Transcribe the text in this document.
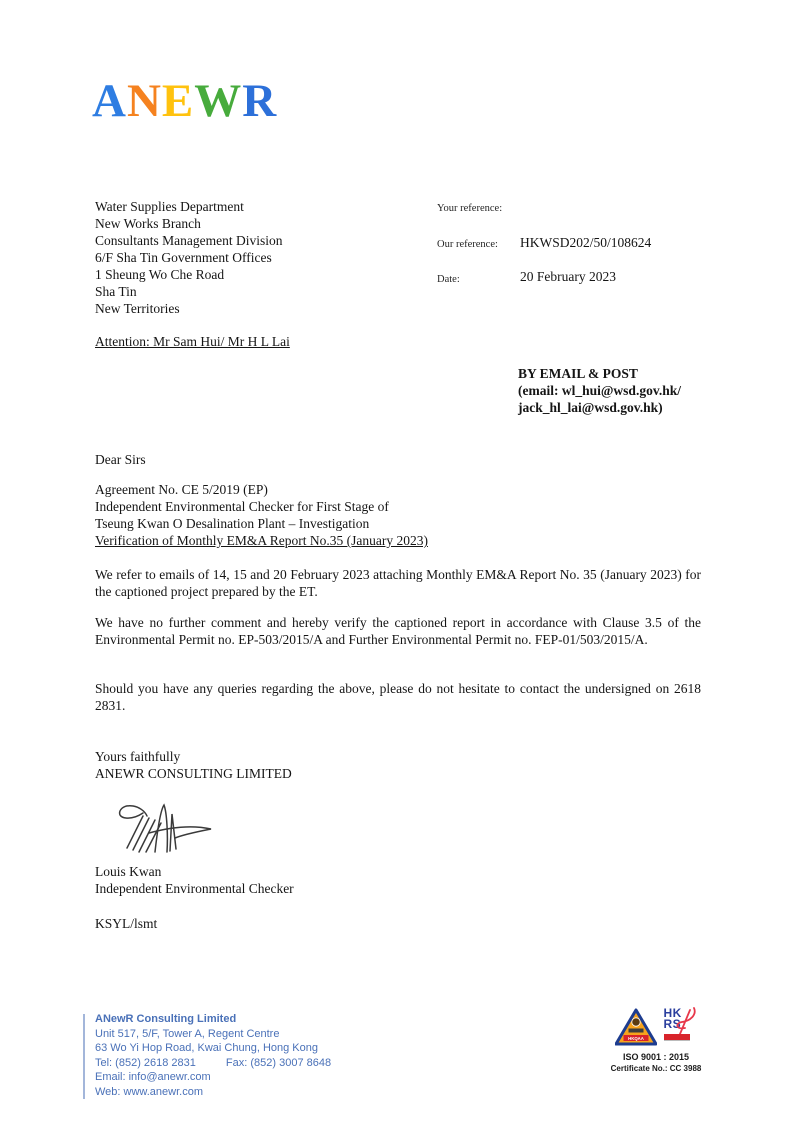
ANEWR
Water Supplies Department
New Works Branch
Consultants Management Division
6/F Sha Tin Government Offices
1 Sheung Wo Che Road
Sha Tin
New Territories
Attention: Mr Sam Hui/ Mr H L Lai
Your reference:
Our reference: HKWSD202/50/108624
Date:	20 February 2023
BY EMAIL & POST
(email: wl_hui@wsd.gov.hk/
jack_hl_lai@wsd.gov.hk)
Dear Sirs
Agreement No. CE 5/2019 (EP)
Independent Environmental Checker for First Stage of
Tseung Kwan O Desalination Plant – Investigation
Verification of Monthly EM&A Report No.35 (January 2023)
We refer to emails of 14, 15 and 20 February 2023 attaching Monthly EM&A Report No. 35 (January 2023) for the captioned project prepared by the ET.
We have no further comment and hereby verify the captioned report in accordance with Clause 3.5 of the Environmental Permit no. EP-503/2015/A and Further Environmental Permit no. FEP-01/503/2015/A.
Should you have any queries regarding the above, please do not hesitate to contact the undersigned on 2618 2831.
Yours faithfully
ANEWR CONSULTING LIMITED
Louis Kwan
Independent Environmental Checker
KSYL/lsmt
ANewR Consulting Limited
Unit 517, 5/F, Tower A, Regent Centre
63 Wo Yi Hop Road, Kwai Chung, Hong Kong
Tel: (852) 2618 2831	Fax: (852) 3007 8648
Email: info@anewr.com
Web: www.anewr.com
HKQAA
HK
RS
ISO 9001 : 2015
Certificate No.: CC 3988
